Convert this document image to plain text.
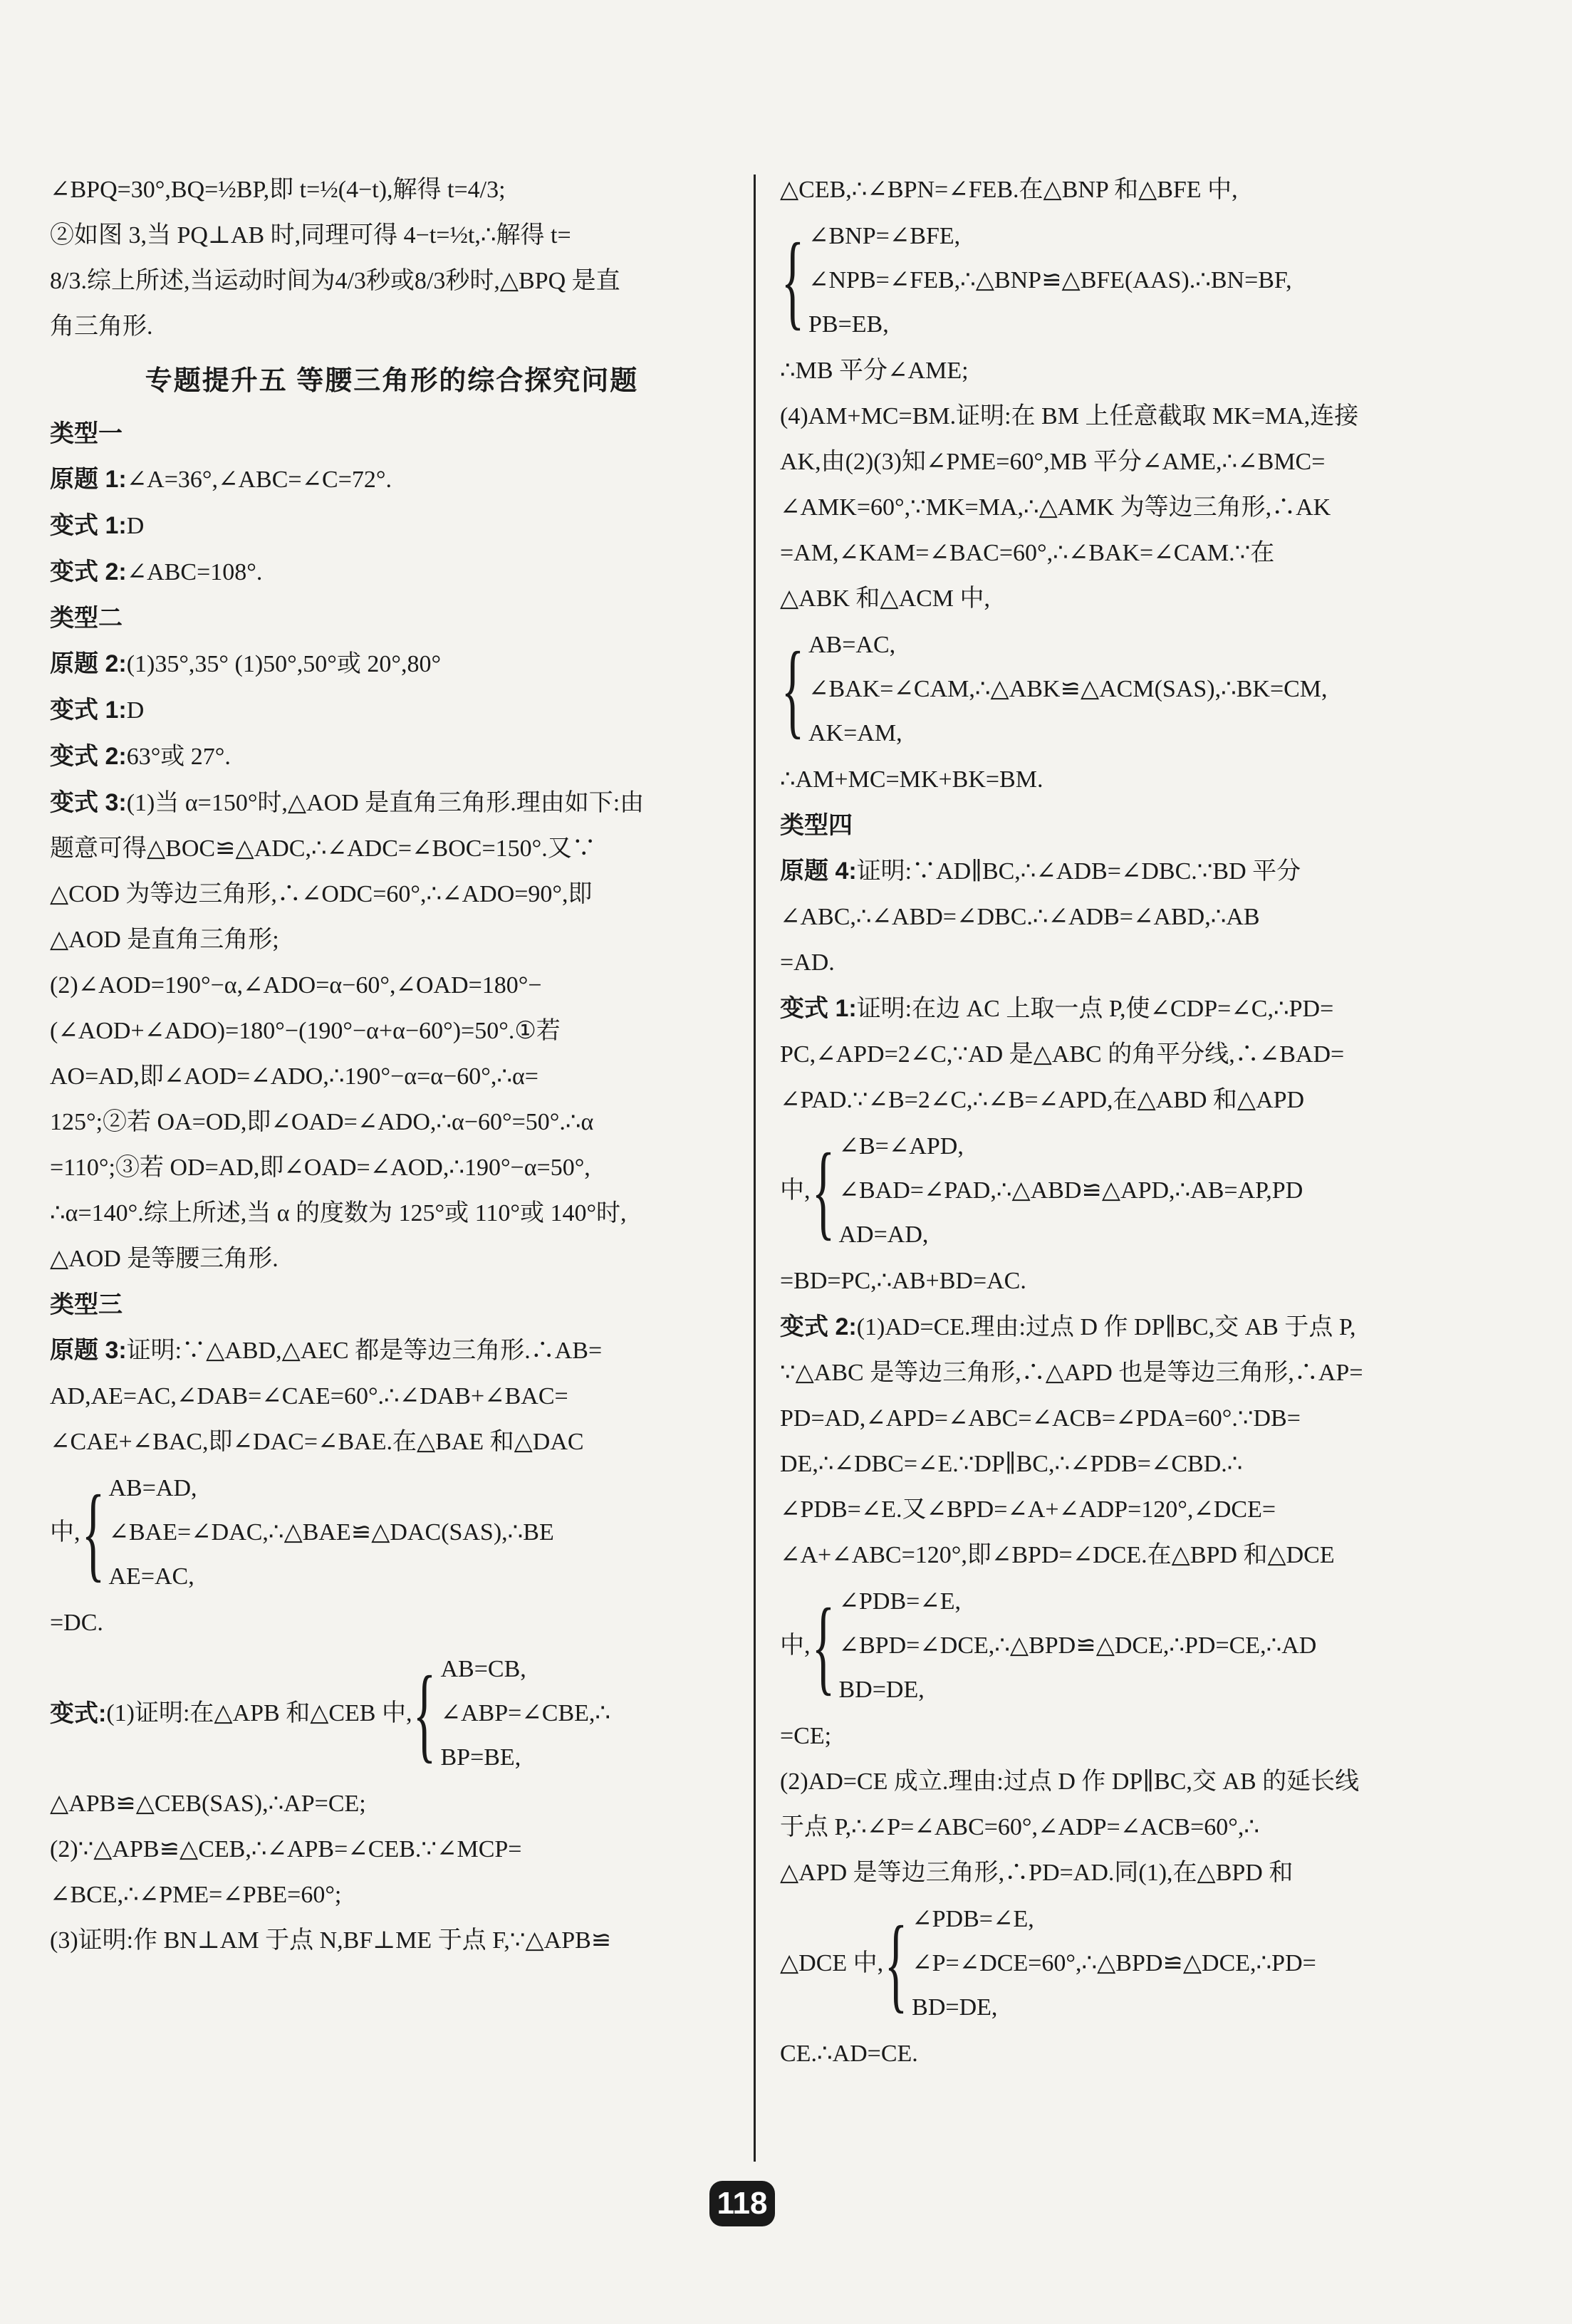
∠BPQ=30°,BQ=½BP,即 t=½(4−t),解得 t=4/3;

②如图 3,当 PQ⊥AB 时,同理可得 4−t=½t,∴解得 t=

8/3.综上所述,当运动时间为4/3秒或8/3秒时,△BPQ 是直

角三角形.

专题提升五 等腰三角形的综合探究问题

类型一

原题 1:∠A=36°,∠ABC=∠C=72°.

变式 1:D

变式 2:∠ABC=108°.

类型二

原题 2:(1)35°,35° (1)50°,50°或 20°,80°

变式 1:D

变式 2:63°或 27°.

变式 3:(1)当 α=150°时,△AOD 是直角三角形.理由如下:由

题意可得△BOC≌△ADC,∴∠ADC=∠BOC=150°.又∵

△COD 为等边三角形,∴∠ODC=60°,∴∠ADO=90°,即

△AOD 是直角三角形;

(2)∠AOD=190°−α,∠ADO=α−60°,∠OAD=180°−

(∠AOD+∠ADO)=180°−(190°−α+α−60°)=50°.①若

AO=AD,即∠AOD=∠ADO,∴190°−α=α−60°,∴α=

125°;②若 OA=OD,即∠OAD=∠ADO,∴α−60°=50°.∴α

=110°;③若 OD=AD,即∠OAD=∠AOD,∴190°−α=50°,

∴α=140°.综上所述,当 α 的度数为 125°或 110°或 140°时,

△AOD 是等腰三角形.

类型三

原题 3:证明:∵△ABD,△AEC 都是等边三角形.∴AB=

AD,AE=AC,∠DAB=∠CAE=60°.∴∠DAB+∠BAC=

∠CAE+∠BAC,即∠DAC=∠BAE.在△BAE 和△DAC

中, { AB=AD,
∠BAE=∠DAC,∴△BAE≌△DAC(SAS),∴BE
AE=AC,

=DC.

变式: (1)证明:在△APB 和△CEB 中, { AB=CB,
∠ABP=∠CBE,∴
BP=BE,

△APB≌△CEB(SAS),∴AP=CE;

(2)∵△APB≌△CEB,∴∠APB=∠CEB.∵∠MCP=

∠BCE,∴∠PME=∠PBE=60°;

(3)证明:作 BN⊥AM 于点 N,BF⊥ME 于点 F,∵△APB≌

△CEB,∴∠BPN=∠FEB.在△BNP 和△BFE 中,

{ ∠BNP=∠BFE,
∠NPB=∠FEB,∴△BNP≌△BFE(AAS).∴BN=BF,
PB=EB,

∴MB 平分∠AME;

(4)AM+MC=BM.证明:在 BM 上任意截取 MK=MA,连接

AK,由(2)(3)知∠PME=60°,MB 平分∠AME,∴∠BMC=

∠AMK=60°,∵MK=MA,∴△AMK 为等边三角形,∴AK

=AM,∠KAM=∠BAC=60°,∴∠BAK=∠CAM.∵在

△ABK 和△ACM 中,

{ AB=AC,
∠BAK=∠CAM,∴△ABK≌△ACM(SAS),∴BK=CM,
AK=AM,

∴AM+MC=MK+BK=BM.

类型四

原题 4:证明:∵AD∥BC,∴∠ADB=∠DBC.∵BD 平分

∠ABC,∴∠ABD=∠DBC.∴∠ADB=∠ABD,∴AB

=AD.

变式 1:证明:在边 AC 上取一点 P,使∠CDP=∠C,∴PD=

PC,∠APD=2∠C,∵AD 是△ABC 的角平分线,∴∠BAD=

∠PAD.∵∠B=2∠C,∴∠B=∠APD,在△ABD 和△APD

中, { ∠B=∠APD,
∠BAD=∠PAD,∴△ABD≌△APD,∴AB=AP,PD
AD=AD,

=BD=PC,∴AB+BD=AC.

变式 2:(1)AD=CE.理由:过点 D 作 DP∥BC,交 AB 于点 P,

∵△ABC 是等边三角形,∴△APD 也是等边三角形,∴AP=

PD=AD,∠APD=∠ABC=∠ACB=∠PDA=60°.∵DB=

DE,∴∠DBC=∠E.∵DP∥BC,∴∠PDB=∠CBD.∴

∠PDB=∠E.又∠BPD=∠A+∠ADP=120°,∠DCE=

∠A+∠ABC=120°,即∠BPD=∠DCE.在△BPD 和△DCE

中, { ∠PDB=∠E,
∠BPD=∠DCE,∴△BPD≌△DCE,∴PD=CE,∴AD
BD=DE,

=CE;

(2)AD=CE 成立.理由:过点 D 作 DP∥BC,交 AB 的延长线

于点 P,∴∠P=∠ABC=60°,∠ADP=∠ACB=60°,∴

△APD 是等边三角形,∴PD=AD.同(1),在△BPD 和

△DCE 中, { ∠PDB=∠E,
∠P=∠DCE=60°,∴△BPD≌△DCE,∴PD=
BD=DE,

CE.∴AD=CE.

118
